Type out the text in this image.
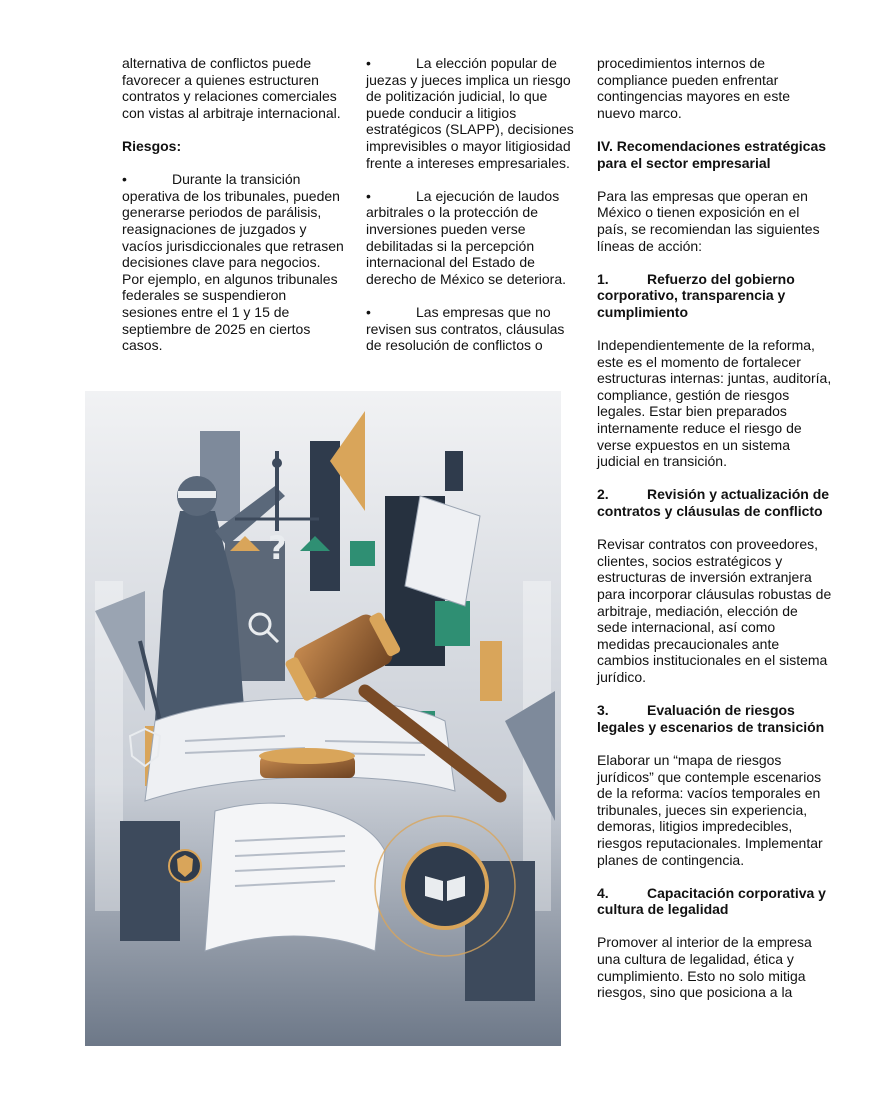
alternativa de conflictos puede favorecer a quienes estructuren contratos y relaciones comerciales con vistas al arbitraje internacional.

Riesgos:

•	Durante la transición operativa de los tribunales, pueden generarse periodos de parálisis, reasignaciones de juzgados y vacíos jurisdiccionales que retrasen decisiones clave para negocios. Por ejemplo, en algunos tribunales federales se suspendieron sesiones entre el 1 y 15 de septiembre de 2025 en ciertos casos.

•	La elección popular de juezas y jueces implica un riesgo de politización judicial, lo que puede conducir a litigios estratégicos (SLAPP), decisiones imprevisibles o mayor litigiosidad frente a intereses empresariales.

•	La ejecución de laudos arbitrales o la protección de inversiones pueden verse debilitadas si la percepción internacional del Estado de derecho de México se deteriora.

•	Las empresas que no revisen sus contratos, cláusulas de resolución de conflictos o

procedimientos internos de compliance pueden enfrentar contingencias mayores en este nuevo marco.

IV. Recomendaciones estratégicas para el sector empresarial

Para las empresas que operan en México o tienen exposición en el país, se recomiendan las siguientes líneas de acción:

1.	Refuerzo del gobierno corporativo, transparencia y cumplimiento

Independientemente de la reforma, este es el momento de fortalecer estructuras internas: juntas, auditoría, compliance, gestión de riesgos legales. Estar bien preparados internamente reduce el riesgo de verse expuestos en un sistema judicial en transición.

2.	Revisión y actualización de contratos y cláusulas de conflicto

Revisar contratos con proveedores, clientes, socios estratégicos y estructuras de inversión extranjera para incorporar cláusulas robustas de arbitraje, mediación, elección de sede internacional, así como medidas precaucionales ante cambios institucionales en el sistema jurídico.

3.	Evaluación de riesgos legales y escenarios de transición

Elaborar un “mapa de riesgos jurídicos” que contemple escenarios de la reforma: vacíos temporales en tribunales, jueces sin experiencia, demoras, litigios impredecibles, riesgos reputacionales. Implementar planes de contingencia.

4.	Capacitación corporativa y cultura de legalidad

Promover al interior de la empresa una cultura de legalidad, ética y cumplimiento. Esto no solo mitiga riesgos, sino que posiciona a la

?
